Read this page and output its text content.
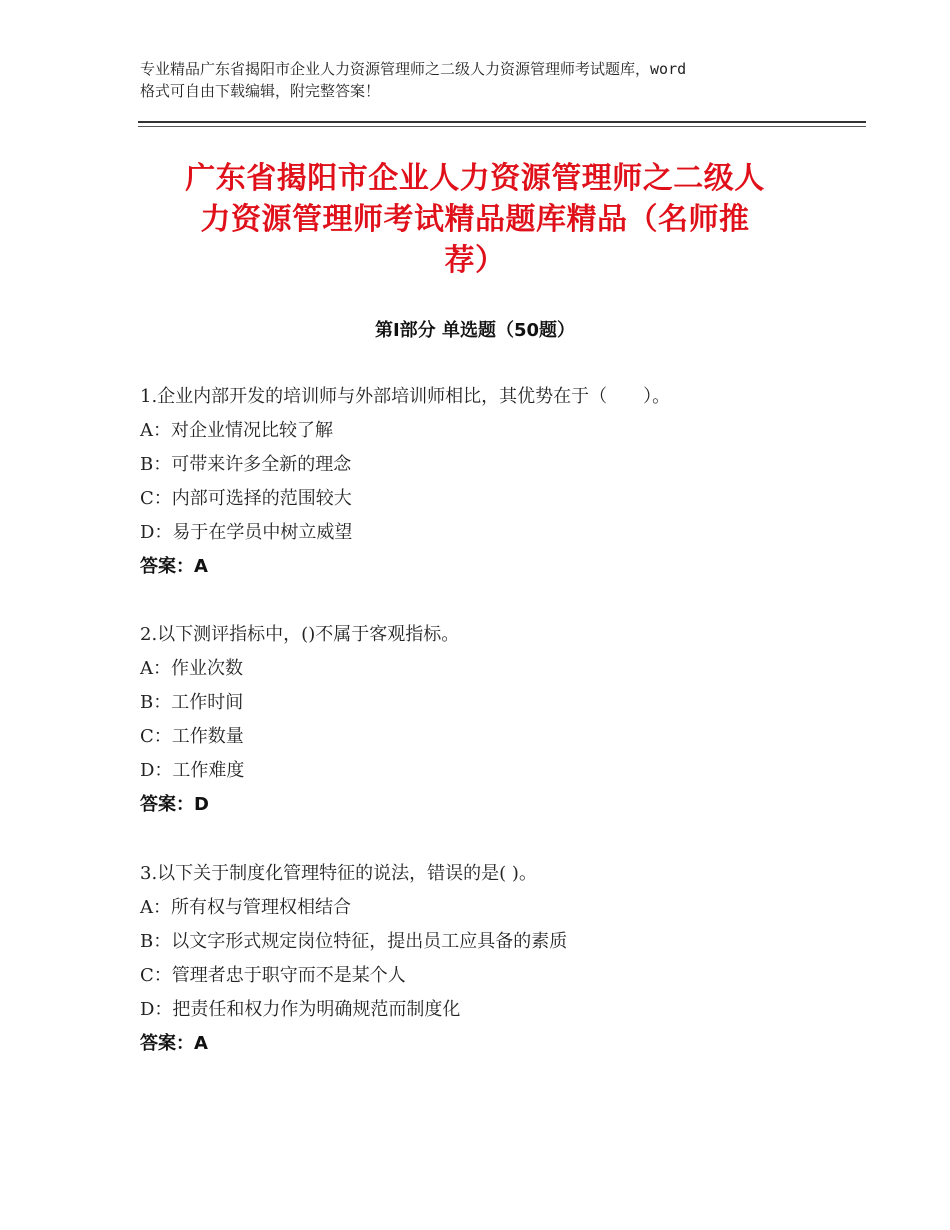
专业精品广东省揭阳市企业人力资源管理师之二级人力资源管理师考试题库，word
格式可自由下载编辑，附完整答案！
广东省揭阳市企业人力资源管理师之二级人
力资源管理师考试精品题库精品（名师推
荐）
第Ⅰ部分 单选题（50题）
1.企业内部开发的培训师与外部培训师相比，其优势在于（　　）。
A：对企业情况比较了解
B：可带来许多全新的理念
C：内部可选择的范围较大
D：易于在学员中树立威望
答案：A
2.以下测评指标中，()不属于客观指标。
A：作业次数
B：工作时间
C：工作数量
D：工作难度
答案：D
3.以下关于制度化管理特征的说法，错误的是( )。
A：所有权与管理权相结合
B：以文字形式规定岗位特征，提出员工应具备的素质
C：管理者忠于职守而不是某个人
D：把责任和权力作为明确规范而制度化
答案：A
